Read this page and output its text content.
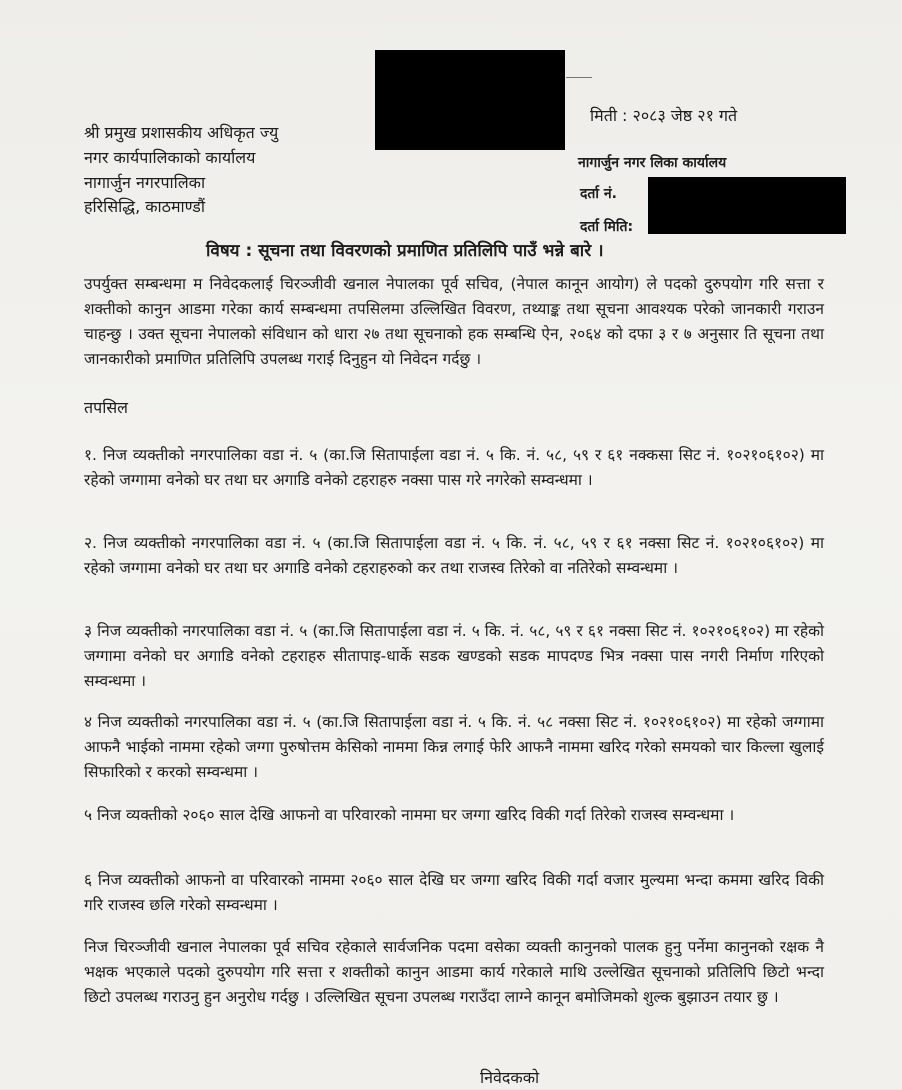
मिती : २०८३ जेष्ठ २१ गते
श्री प्रमुख प्रशासकीय अधिकृत ज्यु
नगर कार्यपालिकाको कार्यालय
नागार्जुन नगरपालिका
हरिसिद्धि, काठमाण्डौं
नागार्जुन नगर लिका कार्यालय
दर्ता नं.
दर्ता मिति:
विषय : सूचना तथा विवरणको प्रमाणित प्रतिलिपि पाउँ भन्ने बारे ।
उपर्युक्त सम्बन्धमा म निवेदकलाई चिरञ्जीवी खनाल नेपालका पूर्व सचिव, (नेपाल कानून आयोग) ले पदको दुरुपयोग गरि सत्ता र शक्तीको कानुन आडमा गरेका कार्य सम्बन्धमा तपसिलमा उल्लिखित विवरण, तथ्याङ्क तथा सूचना आवश्यक परेको जानकारी गराउन चाहन्छु । उक्त सूचना नेपालको संविधान को धारा २७ तथा सूचनाको हक सम्बन्धि ऐन, २०६४ को दफा ३ र ७ अनुसार ति सूचना तथा जानकारीको प्रमाणित प्रतिलिपि उपलब्ध गराई दिनुहुन यो निवेदन गर्दछु ।
तपसिल
१. निज व्यक्तीको नगरपालिका वडा नं. ५ (का.जि सितापाईला वडा नं. ५ कि. नं. ५८, ५९ र ६१ नक्कसा सिट नं. १०२१०६१०२) मा रहेको जग्गामा वनेको घर तथा घर अगाडि वनेको टहराहरु नक्सा पास गरे नगरेको सम्वन्धमा ।
२. निज व्यक्तीको नगरपालिका वडा नं. ५ (का.जि सितापाईला वडा नं. ५ कि. नं. ५८, ५९ र ६१ नक्सा सिट नं. १०२१०६१०२) मा रहेको जग्गामा वनेको घर तथा घर अगाडि वनेको टहराहरुको कर तथा राजस्व तिरेको वा नतिरेको सम्वन्धमा ।
३ निज व्यक्तीको नगरपालिका वडा नं. ५ (का.जि सितापाईला वडा नं. ५ कि. नं. ५८, ५९ र ६१ नक्सा सिट नं. १०२१०६१०२) मा रहेको जग्गामा वनेको घर अगाडि वनेको टहराहरु सीतापाइ-धार्के सडक खण्डको सडक मापदण्ड भित्र नक्सा पास नगरी निर्माण गरिएको सम्वन्धमा ।
४ निज व्यक्तीको नगरपालिका वडा नं. ५ (का.जि सितापाईला वडा नं. ५ कि. नं. ५८ नक्सा सिट नं. १०२१०६१०२) मा रहेको जग्गामा आफनै भाईको नाममा रहेको जग्गा पुरुषोत्तम केसिको नाममा किन्न लगाई फेरि आफनै नाममा खरिद गरेको समयको चार किल्ला खुलाई सिफारिको र करको सम्वन्धमा ।
५ निज व्यक्तीको २०६० साल देखि आफनो वा परिवारको नाममा घर जग्गा खरिद विकी गर्दा तिरेको राजस्व सम्वन्धमा ।
६ निज व्यक्तीको आफनो वा परिवारको नाममा २०६० साल देखि घर जग्गा खरिद विकी गर्दा वजार मुल्यमा भन्दा कममा खरिद विकी गरि राजस्व छलि गरेको सम्वन्धमा ।
निज चिरञ्जीवी खनाल नेपालका पूर्व सचिव रहेकाले सार्वजनिक पदमा वसेका व्यक्ती कानुनको पालक हुनु पर्नेमा कानुनको रक्षक नै भक्षक भएकाले पदको दुरुपयोग गरि सत्ता र शक्तीको कानुन आडमा कार्य गरेकाले माथि उल्लेखित सूचनाको प्रतिलिपि छिटो भन्दा छिटो उपलब्ध गराउनु हुन अनुरोध गर्दछु । उल्लिखित सूचना उपलब्ध गराउँदा लाग्ने कानून बमोजिमको शुल्क बुझाउन तयार छु ।
निवेदकको
